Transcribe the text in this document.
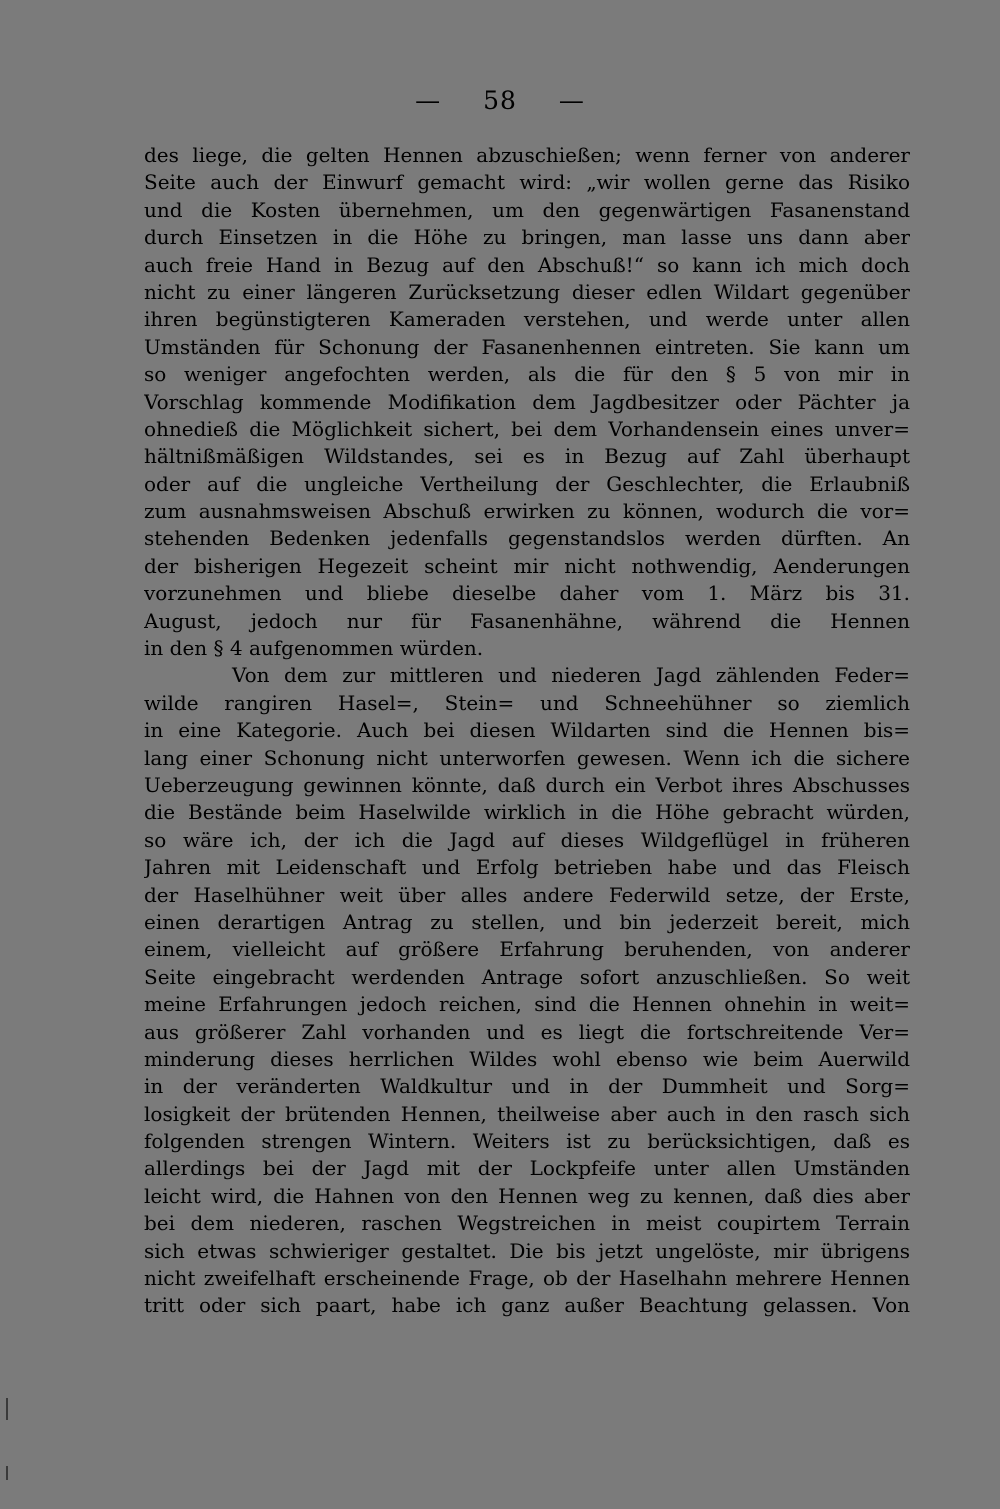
— 58 —
des liege, die gelten Hennen abzuschießen; wenn ferner von anderer
Seite auch der Einwurf gemacht wird: „wir wollen gerne das Risiko
und die Kosten übernehmen, um den gegenwärtigen Fasanenstand
durch Einsetzen in die Höhe zu bringen, man lasse uns dann aber
auch freie Hand in Bezug auf den Abschuß!“ so kann ich mich doch
nicht zu einer längeren Zurücksetzung dieser edlen Wildart gegenüber
ihren begünstigteren Kameraden verstehen, und werde unter allen
Umständen für Schonung der Fasanenhennen eintreten. Sie kann um
so weniger angefochten werden, als die für den § 5 von mir in
Vorschlag kommende Modifikation dem Jagdbesitzer oder Pächter ja
ohnedieß die Möglichkeit sichert, bei dem Vorhandensein eines unver=
hältnißmäßigen Wildstandes, sei es in Bezug auf Zahl überhaupt
oder auf die ungleiche Vertheilung der Geschlechter, die Erlaubniß
zum ausnahmsweisen Abschuß erwirken zu können, wodurch die vor=
stehenden Bedenken jedenfalls gegenstandslos werden dürften. An
der bisherigen Hegezeit scheint mir nicht nothwendig, Aenderungen
vorzunehmen und bliebe dieselbe daher vom 1. März bis 31.
August, jedoch nur für Fasanenhähne, während die Hennen
in den § 4 aufgenommen würden.
Von dem zur mittleren und niederen Jagd zählenden Feder=
wilde rangiren Hasel=, Stein= und Schneehühner so ziemlich
in eine Kategorie. Auch bei diesen Wildarten sind die Hennen bis=
lang einer Schonung nicht unterworfen gewesen. Wenn ich die sichere
Ueberzeugung gewinnen könnte, daß durch ein Verbot ihres Abschusses
die Bestände beim Haselwilde wirklich in die Höhe gebracht würden,
so wäre ich, der ich die Jagd auf dieses Wildgeflügel in früheren
Jahren mit Leidenschaft und Erfolg betrieben habe und das Fleisch
der Haselhühner weit über alles andere Federwild setze, der Erste,
einen derartigen Antrag zu stellen, und bin jederzeit bereit, mich
einem, vielleicht auf größere Erfahrung beruhenden, von anderer
Seite eingebracht werdenden Antrage sofort anzuschließen. So weit
meine Erfahrungen jedoch reichen, sind die Hennen ohnehin in weit=
aus größerer Zahl vorhanden und es liegt die fortschreitende Ver=
minderung dieses herrlichen Wildes wohl ebenso wie beim Auerwild
in der veränderten Waldkultur und in der Dummheit und Sorg=
losigkeit der brütenden Hennen, theilweise aber auch in den rasch sich
folgenden strengen Wintern. Weiters ist zu berücksichtigen, daß es
allerdings bei der Jagd mit der Lockpfeife unter allen Umständen
leicht wird, die Hahnen von den Hennen weg zu kennen, daß dies aber
bei dem niederen, raschen Wegstreichen in meist coupirtem Terrain
sich etwas schwieriger gestaltet. Die bis jetzt ungelöste, mir übrigens
nicht zweifelhaft erscheinende Frage, ob der Haselhahn mehrere Hennen
tritt oder sich paart, habe ich ganz außer Beachtung gelassen. Von
